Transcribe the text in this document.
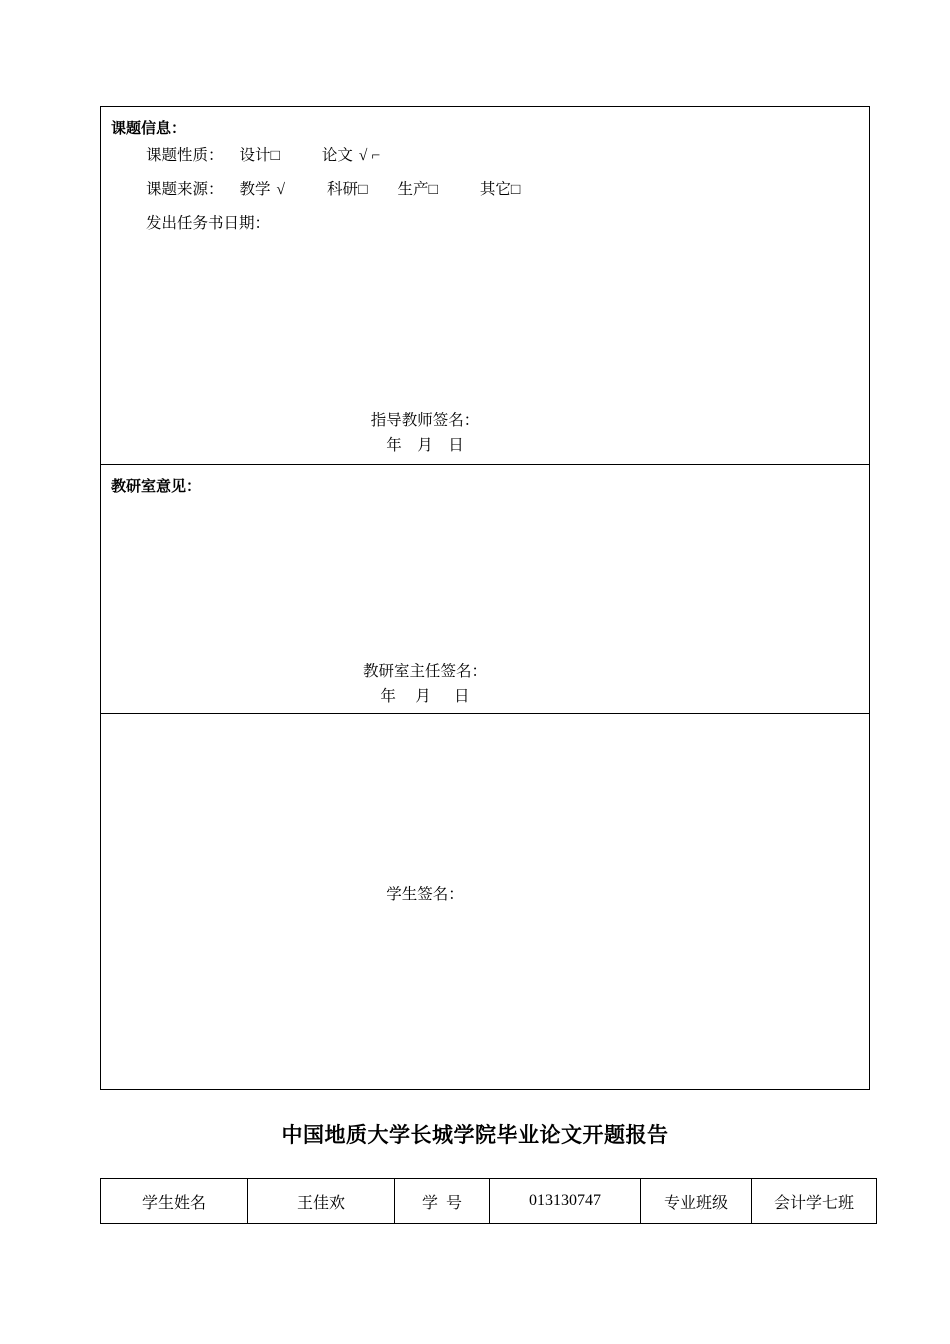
课题信息：
课题性质： 设计□	论文 √ ⌐
课题来源： 教学 √	科研□ 生产□	其它□
发出任务书日期：
指导教师签名：
年    月    日

教研室意见：
教研室主任签名：
年     月      日

学生签名：
中国地质大学长城学院毕业论文开题报告
学生姓名	王佳欢	学  号	013130747	专业班级	会计学七班
